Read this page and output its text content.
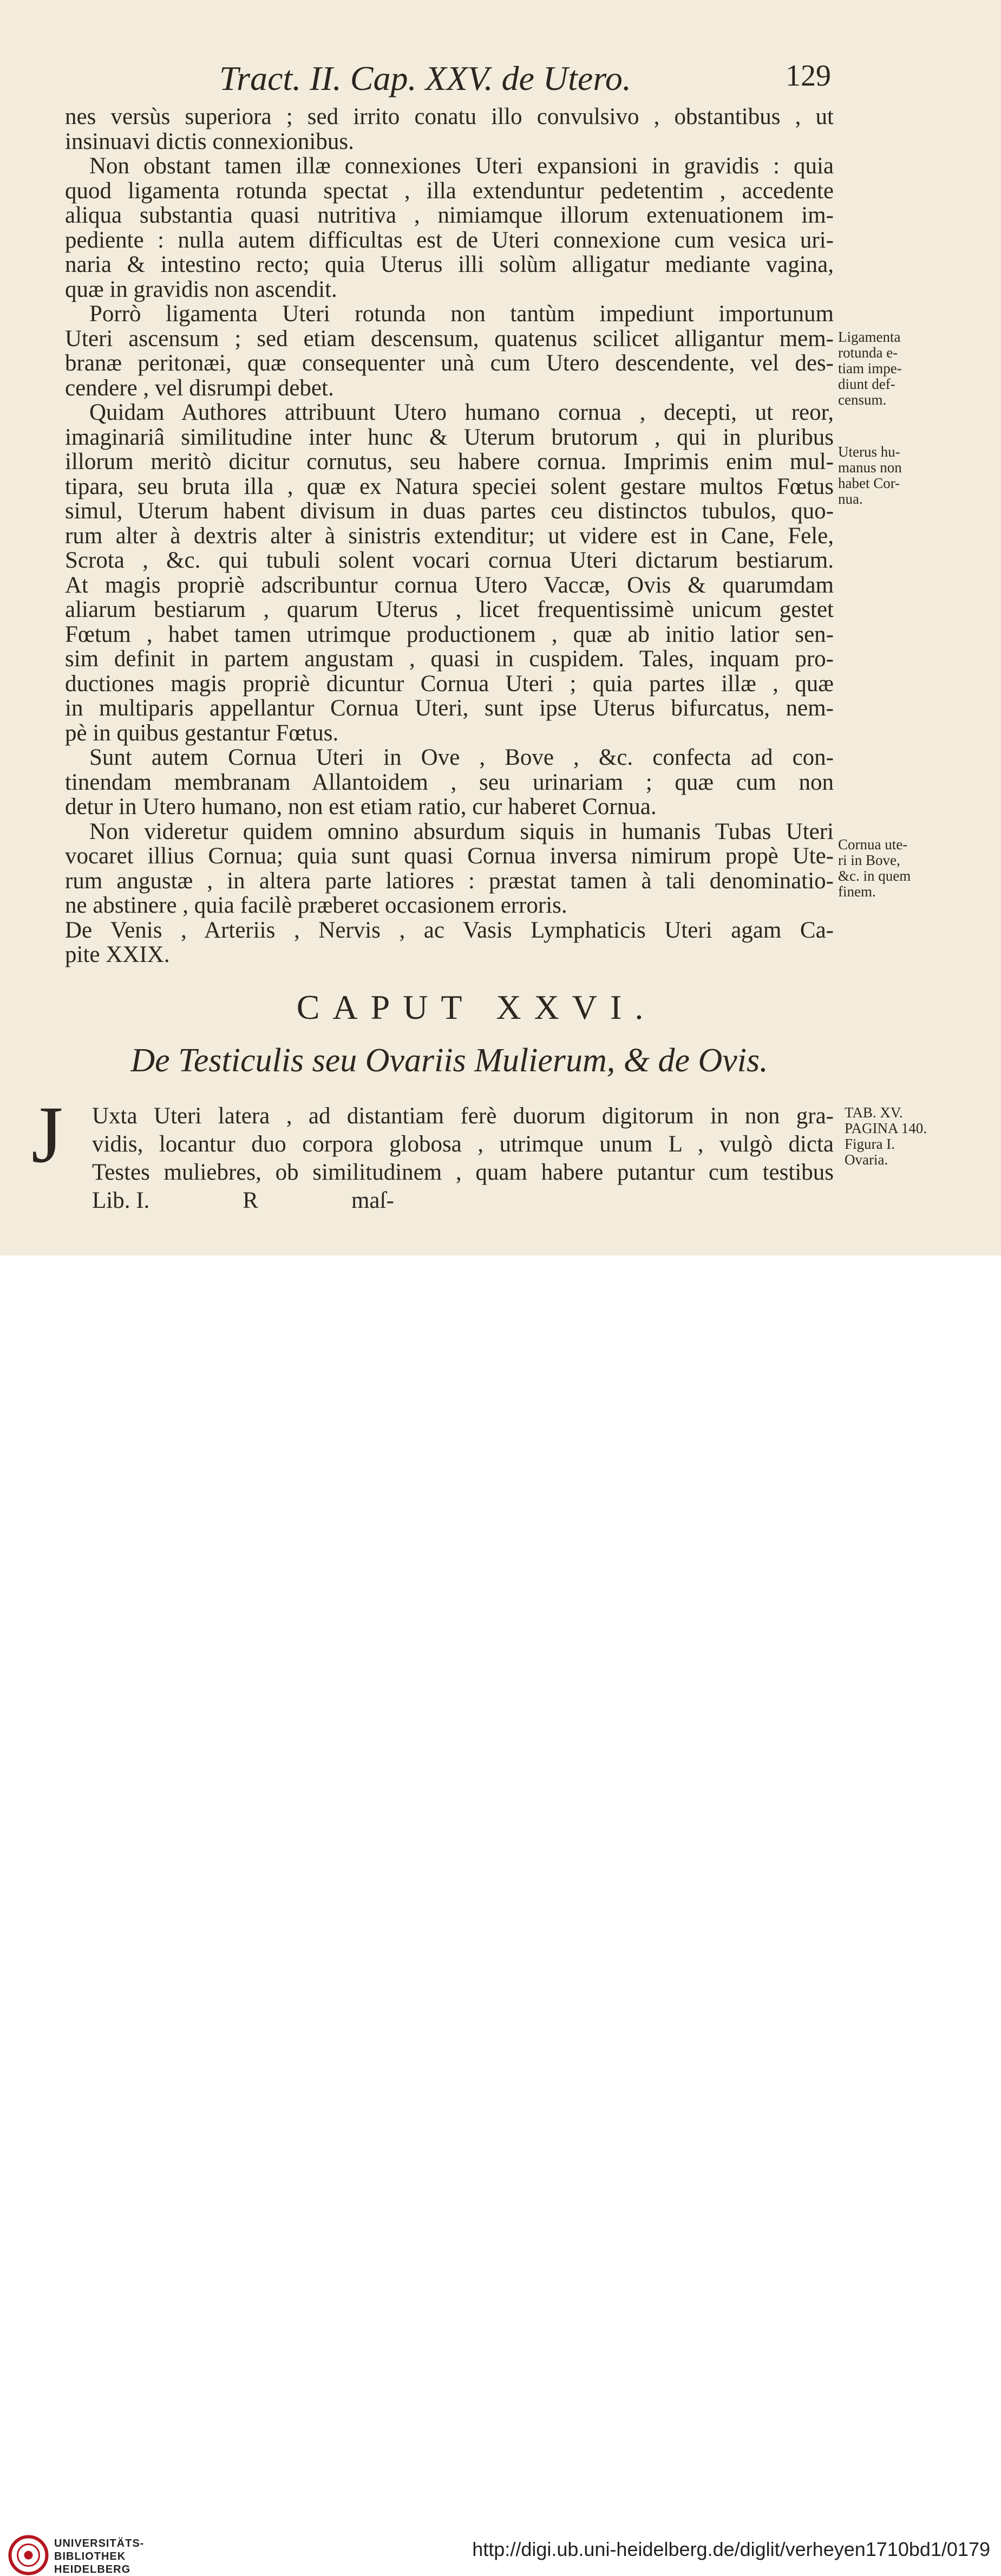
Tract. II. Cap. XXV. de Utero.	129
nes versùs superiora ; sed irrito conatu illo convulsivo , obstantibus , ut
insinuavi dictis connexionibus.
Non obstant tamen illæ connexiones Uteri expansioni in gravidis : quia
quod ligamenta rotunda spectat , illa extenduntur pedetentim , accedente
aliqua substantia quasi nutritiva , nimiamque illorum extenuationem im-
pediente : nulla autem difficultas est de Uteri connexione cum vesica uri-
naria & intestino recto; quia Uterus illi solùm alligatur mediante vagina,
quæ in gravidis non ascendit.
Porrò ligamenta Uteri rotunda non tantùm impediunt importunum
Uteri ascensum ; sed etiam descensum, quatenus scilicet alligantur mem-
branæ peritonæi, quæ consequenter unà cum Utero descendente, vel des-
cendere , vel disrumpi debet.
Quidam Authores attribuunt Utero humano cornua , decepti, ut reor,
imaginariâ similitudine inter hunc & Uterum brutorum , qui in pluribus
illorum meritò dicitur cornutus, seu habere cornua. Imprimis enim mul-
tipara, seu bruta illa , quæ ex Natura speciei solent gestare multos Fœtus
simul, Uterum habent divisum in duas partes ceu distinctos tubulos, quo-
rum alter à dextris alter à sinistris extenditur; ut videre est in Cane, Fele,
Scrota , &c. qui tubuli solent vocari cornua Uteri dictarum bestiarum.
At magis propriè adscribuntur cornua Utero Vaccæ, Ovis & quarumdam
aliarum bestiarum , quarum Uterus , licet frequentissimè unicum gestet
Fœtum , habet tamen utrimque productionem , quæ ab initio latior sen-
sim definit in partem angustam , quasi in cuspidem. Tales, inquam pro-
ductiones magis propriè dicuntur Cornua Uteri ; quia partes illæ , quæ
in multiparis appellantur Cornua Uteri, sunt ipse Uterus bifurcatus, nem-
pè in quibus gestantur Fœtus.
Sunt autem Cornua Uteri in Ove , Bove , &c. confecta ad con-
tinendam membranam Allantoidem , seu urinariam ; quæ cum non
detur in Utero humano, non est etiam ratio, cur haberet Cornua.
Non videretur quidem omnino absurdum siquis in humanis Tubas Uteri
vocaret illius Cornua; quia sunt quasi Cornua inversa nimirum propè Ute-
rum angustæ , in altera parte latiores : præstat tamen à tali denominatio-
ne abstinere , quia facilè præberet occasionem erroris.
De Venis , Arteriis , Nervis , ac Vasis Lymphaticis Uteri agam Ca-
pite XXIX.
CAPUT XXVI.
De Testiculis seu Ovariis Mulierum, & de Ovis.
J Uxta Uteri latera , ad distantiam ferè duorum digitorum in non gra-
vidis, locantur duo corpora globosa , utrimque unum L , vulgò dicta
Testes muliebres, ob similitudinem , quam habere putantur cum testibus
Lib. I.                R                maſ-
Ligamenta
rotunda e-
tiam impe-
diunt def-
censum.
Uterus hu-
manus non
habet Cor-
nua.
Cornua ute-
ri in Bove,
&c. in quem
finem.
TAB. XV.
PAGINA 140.
Figura I.
Ovaria.
UNIVERSITÄTS-
BIBLIOTHEK
HEIDELBERG
http://digi.ub.uni-heidelberg.de/diglit/verheyen1710bd1/0179
